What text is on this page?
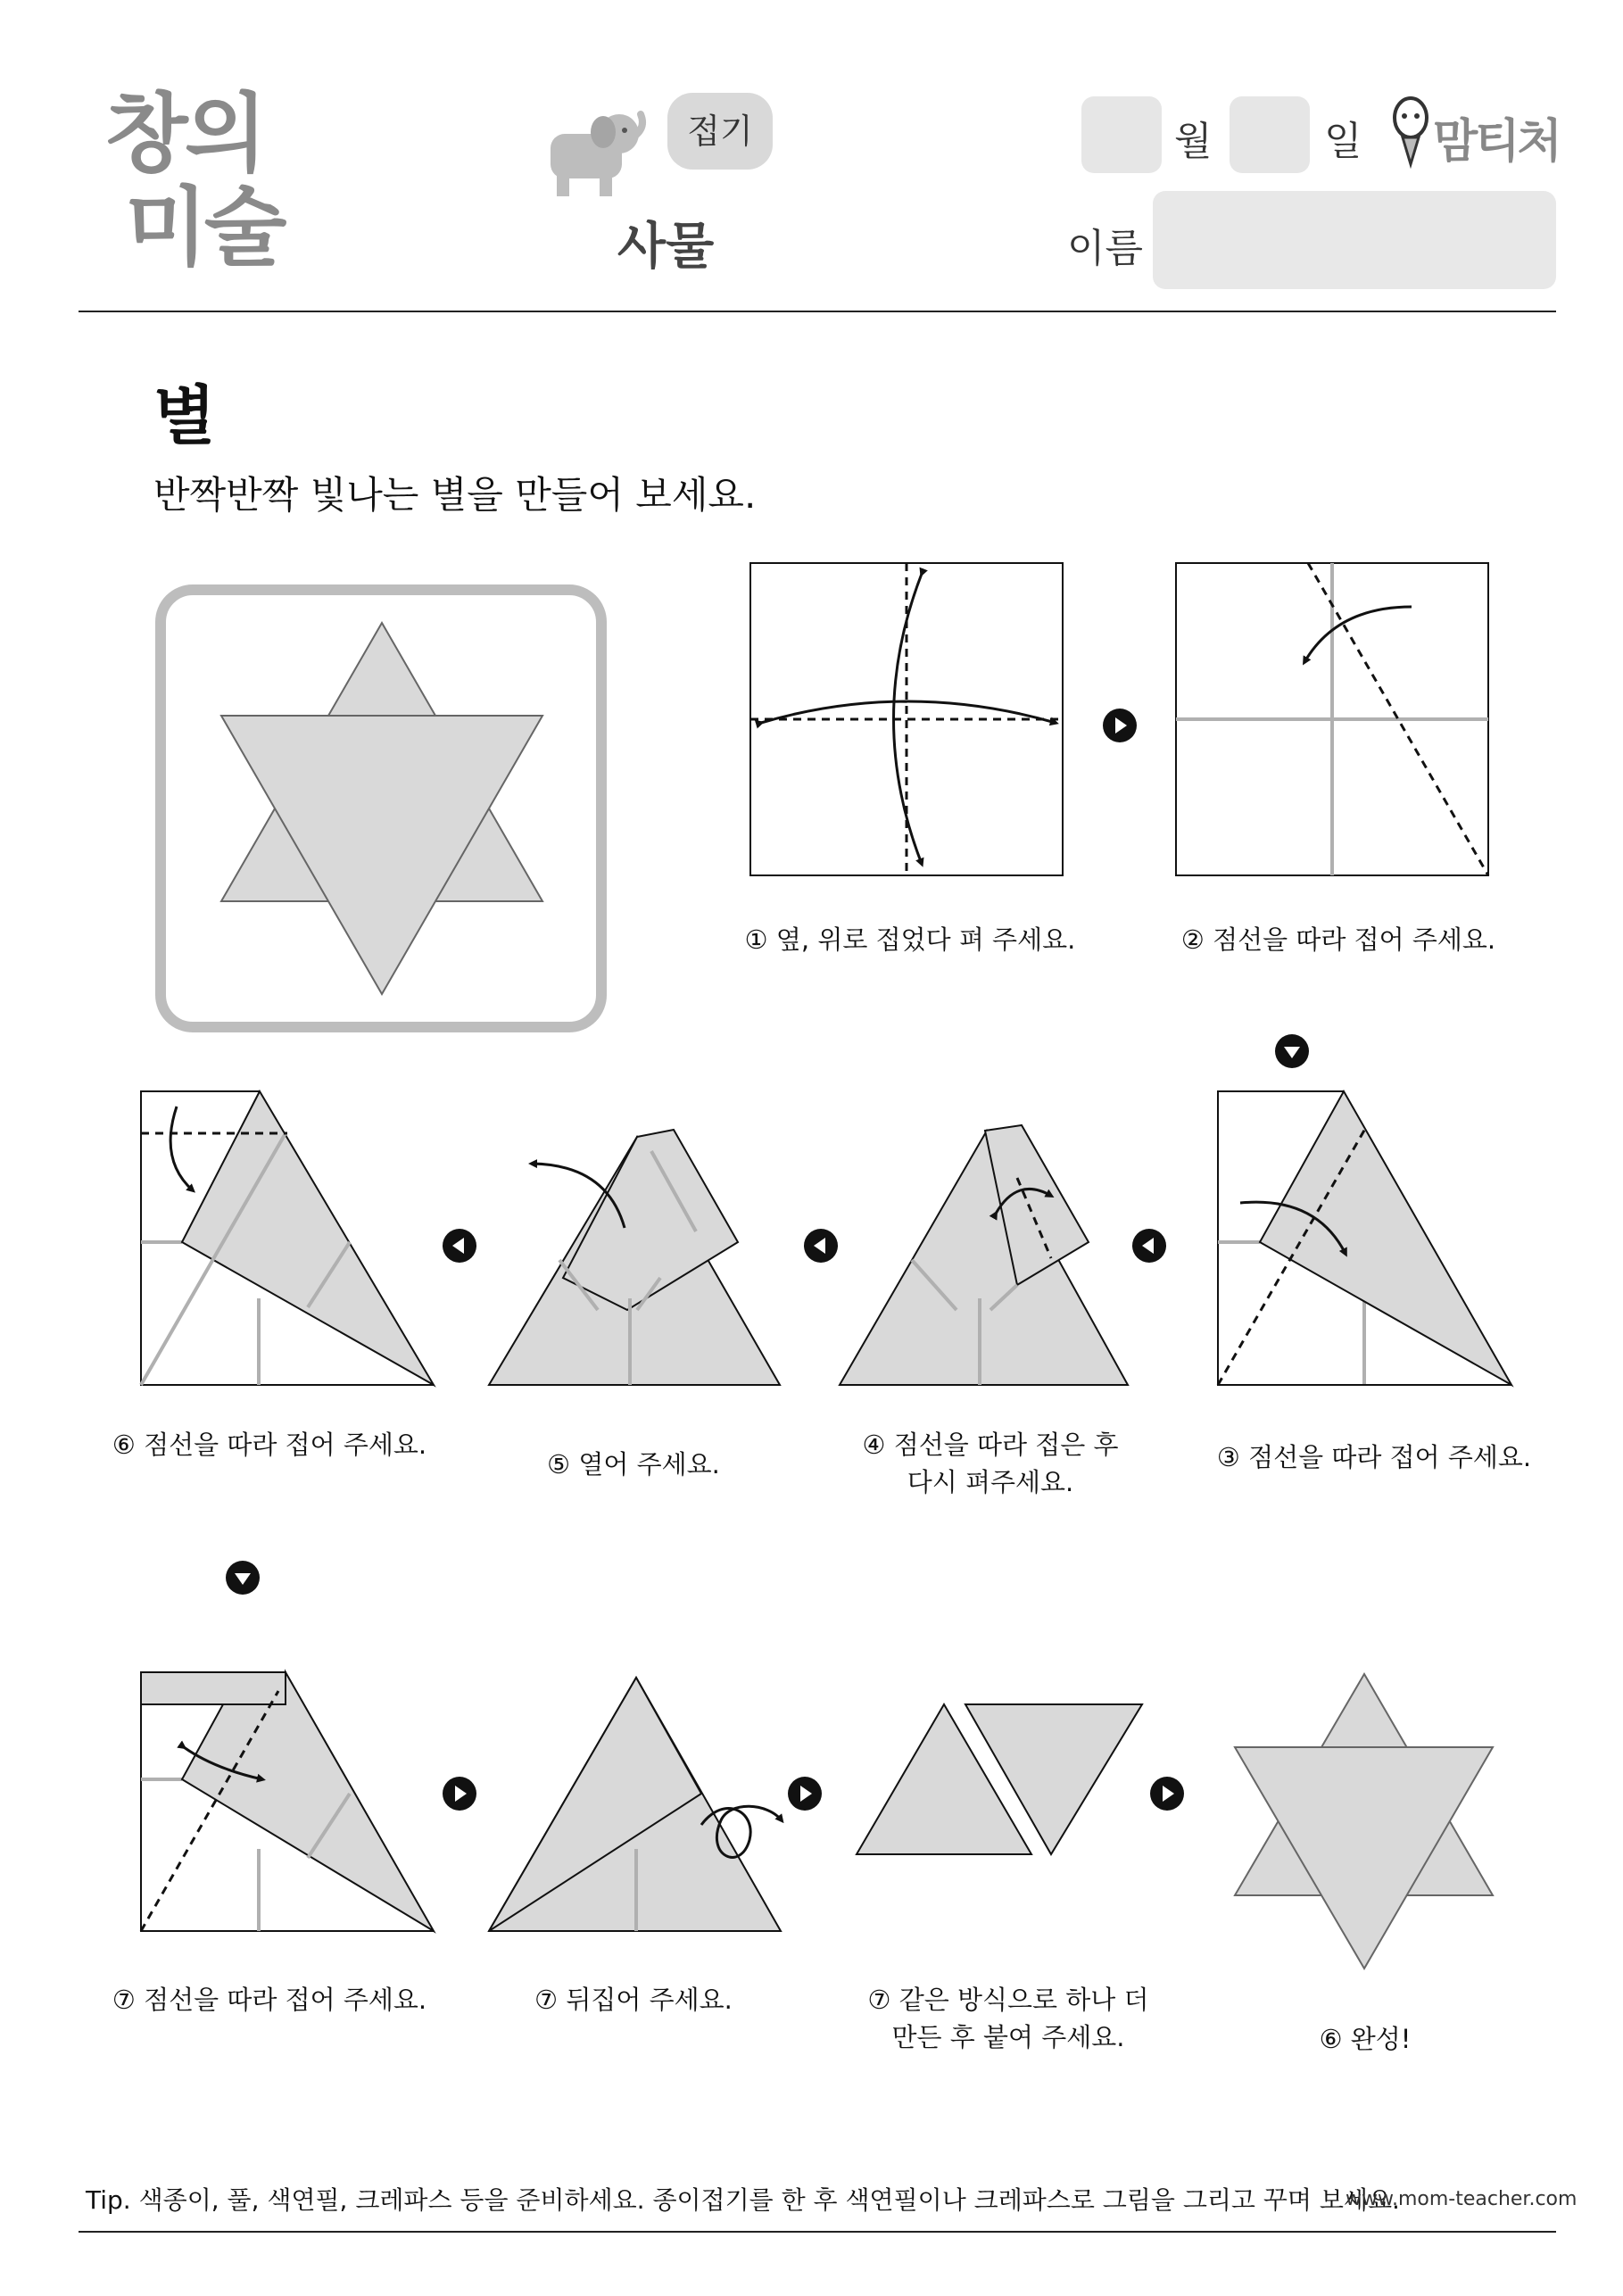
창의
미술
접기
사물
월	일 맘티처
이름
별
반짝반짝 빛나는 별을 만들어 보세요.
① 옆, 위로 접었다 펴 주세요.	② 점선을 따라 접어 주세요.
③ 점선을 따라 접어 주세요.
④ 점선을 따라 접은 후
다시 펴주세요.
⑤ 열어 주세요.
⑥ 점선을 따라 접어 주세요.
⑦ 점선을 따라 접어 주세요.	⑦ 뒤집어 주세요.	⑦ 같은 방식으로 하나 더
만든 후 붙여 주세요.	⑥ 완성!
Tip. 색종이, 풀, 색연필, 크레파스 등을 준비하세요. 종이접기를 한 후 색연필이나 크레파스로 그림을 그리고 꾸며 보세요.
www.mom-teacher.com
